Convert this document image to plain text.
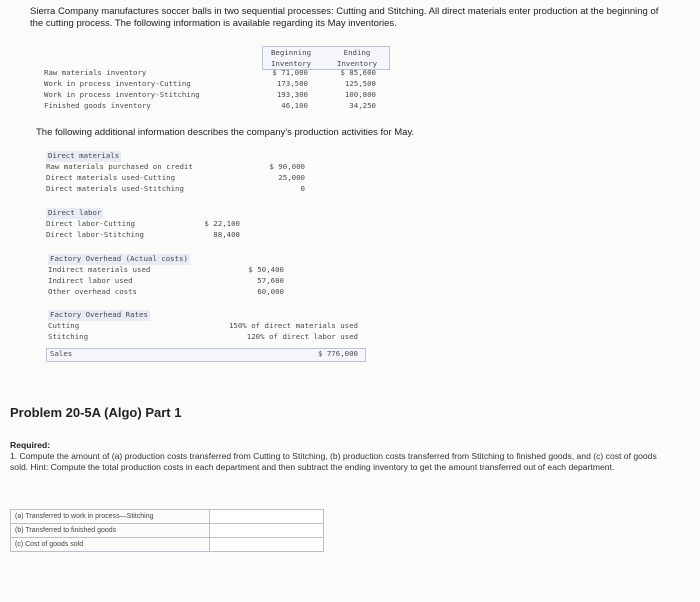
Sierra Company manufactures soccer balls in two sequential processes: Cutting and Stitching. All direct materials enter production at the beginning of the cutting process. The following information is available regarding its May inventories.
Beginning
Inventory
Ending
Inventory
Raw materials inventory	$ 71,000	$ 85,600
Work in process inventory-Cutting	173,500	125,500
Work in process inventory-Stitching	193,300	100,800
Finished goods inventory	46,100	34,250
The following additional information describes the company's production activities for May.
Direct materials
Raw materials purchased on credit	$ 90,000
Direct materials used-Cutting	25,000
Direct materials used-Stitching	0
Direct labor
Direct labor-Cutting	$ 22,100
Direct labor-Stitching	88,400
Factory Overhead (Actual costs)
Indirect materials used	$ 50,400
Indirect labor used	57,600
Other overhead costs	60,000
Factory Overhead Rates
Cutting	150% of direct materials used
Stitching	120% of direct labor used
Sales	$ 776,000
Problem 20-5A (Algo) Part 1
Required:
1. Compute the amount of (a) production costs transferred from Cutting to Stitching, (b) production costs transferred from Stitching to finished goods, and (c) cost of goods sold. Hint: Compute the total production costs in each department and then subtract the ending inventory to get the amount transferred out of each department.
(a) Transferred to work in process—Stitching	
(b) Transferred to finished goods	
(c) Cost of goods sold	
